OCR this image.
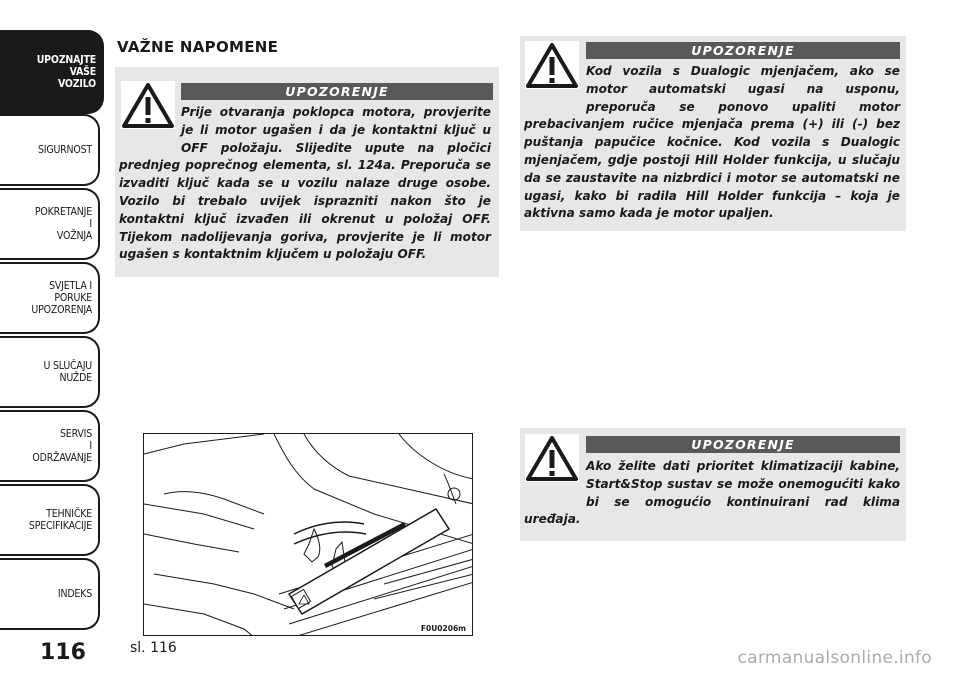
UPOZNAJTE
VAŠE
VOZILO
SIGURNOST
POKRETANJE
I
VOŽNJA
SVJETLA I
PORUKE
UPOZORENJA
U SLUČAJU
NUŽDE
SERVIS
I
ODRŽAVANJE
TEHNIČKE
SPECIFIKACIJE
INDEKS
116
VAŽNE NAPOMENE
UPOZORENJE
Prije otvaranja poklopca motora, provjerite je li motor ugašen i da je kontaktni ključ u OFF položaju. Slijedite upute na pločici prednjeg poprečnog elementa, sl. 124a. Preporuča se izvaditi ključ kada se u vozilu nalaze druge osobe. Vozilo bi trebalo uvijek isprazniti nakon što je kontaktni ključ izvađen ili okrenut u položaj OFF. Tijekom nadolijevanja goriva, provjerite je li motor ugašen s kontaktnim ključem u položaju OFF.
UPOZORENJE
Kod vozila s Dualogic mjenjačem, ako se motor automatski ugasi na usponu, preporuča se ponovo upaliti motor prebacivanjem ručice mjenjača prema (+) ili (-) bez puštanja papučice kočnice. Kod vozila s Dualogic mjenjačem, gdje postoji Hill Holder funkcija, u slučaju da se zaustavite na nizbrdici i motor se automatski ne ugasi, kako bi radila Hill Holder funkcija – koja je aktivna samo kada je motor upaljen.
UPOZORENJE
Ako želite dati prioritet klimatizaciji kabine, Start&Stop sustav se može onemogućiti kako bi se omogućio kontinuirani rad klima uređaja.
F0U0206m
sl. 116	carmanualsonline.info
